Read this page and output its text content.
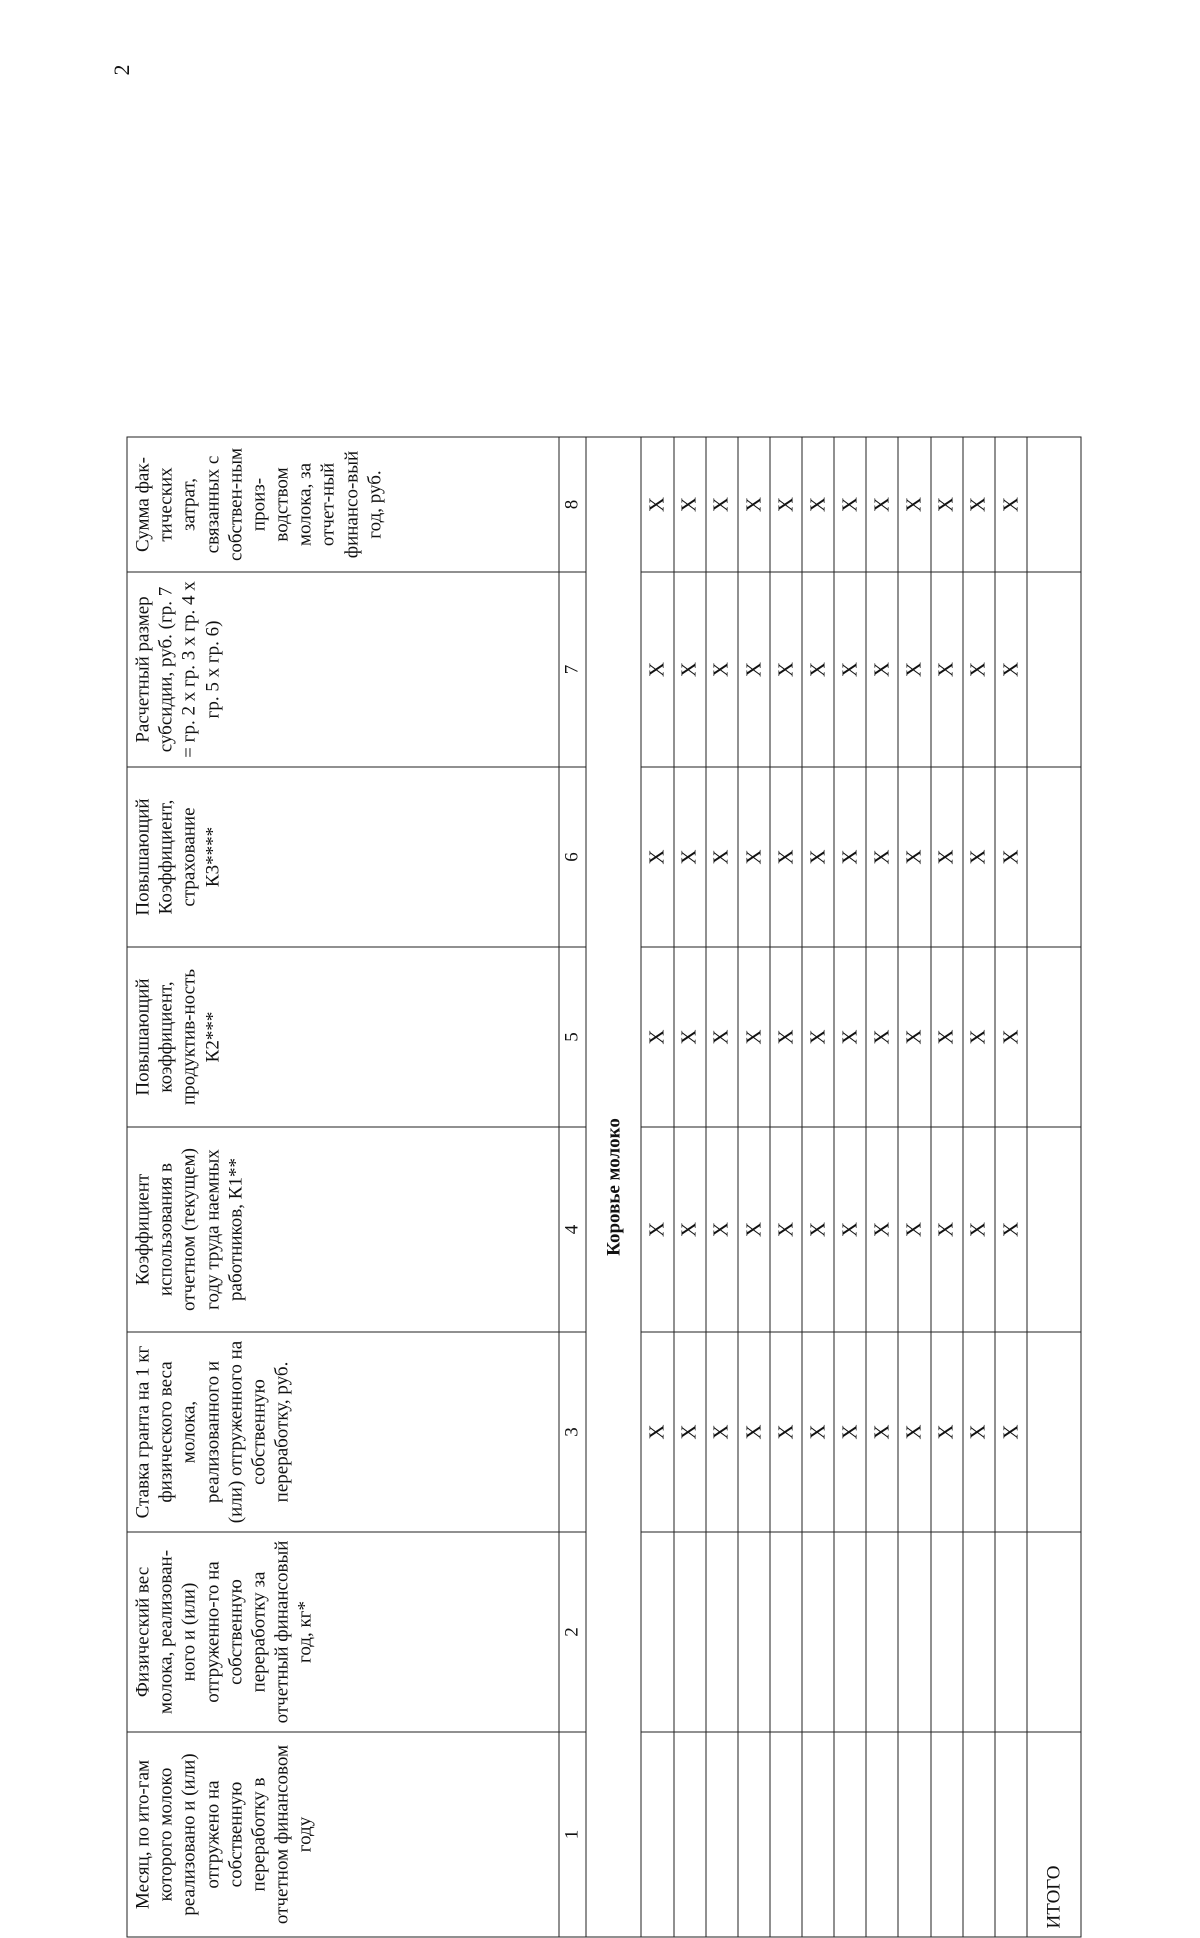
2
Месяц, по ито-гам которого молоко реализовано и (или) отгружено на собственную переработку в отчетном финансовом году	Физический вес молока, реализован-ного и (или) отгруженно-го на собственную переработку за отчетный финансовый год, кг*	Ставка гранта на 1 кг физического веса молока, реализованного и (или) отгруженного на собственную переработку, руб.	Коэффициент использования в отчетном (текущем) году труда наемных работников, К1**	Повышающий коэффициент, продуктив-ность К2***	Повышающий Коэффициент, страхование К3****	Расчетный размер субсидии, руб. (гр. 7 = гр. 2 x гр. 3 x гр. 4 x гр. 5 x гр. 6)	Сумма фак-тических затрат, связанных с собствен-ным произ-водством молока, за отчет-ный финансо-вый год, руб.
1	2	3	4	5	6	7	8
Коровье молоко							
		Х	Х	Х	Х	Х	Х
		Х	Х	Х	Х	Х	Х
		Х	Х	Х	Х	Х	Х
		Х	Х	Х	Х	Х	Х
		Х	Х	Х	Х	Х	Х
		Х	Х	Х	Х	Х	Х
		Х	Х	Х	Х	Х	Х
		Х	Х	Х	Х	Х	Х
		Х	Х	Х	Х	Х	Х
		Х	Х	Х	Х	Х	Х
		Х	Х	Х	Х	Х	Х
		Х	Х	Х	Х	Х	Х
ИТОГО							
